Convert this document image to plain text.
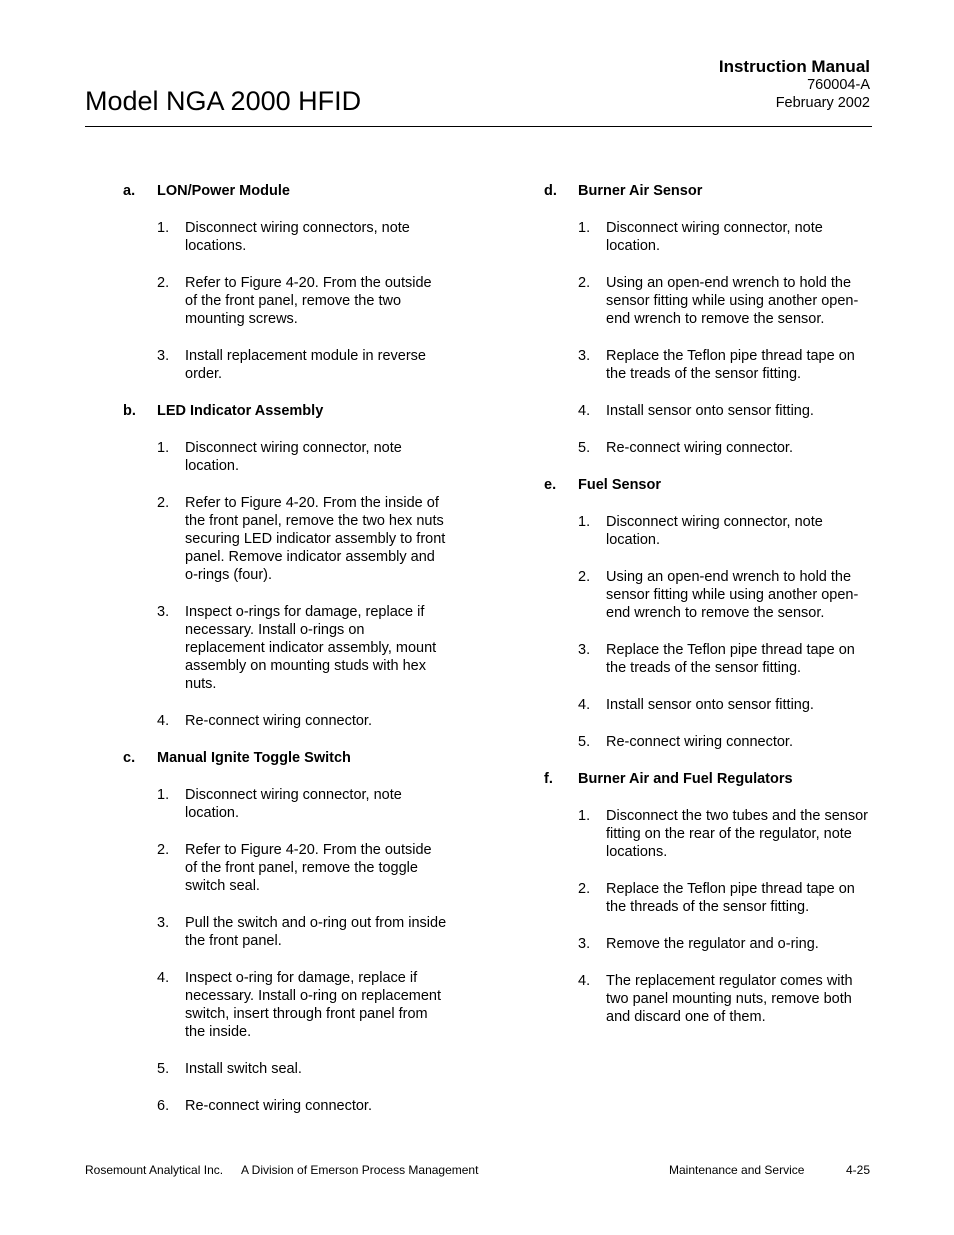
Model NGA 2000 HFID
Instruction Manual
760004-A
February 2002
a.	LON/Power Module
1.	Disconnect wiring connectors, note locations.
2.	Refer to Figure 4-20. From the outside of the front panel, remove the two mounting screws.
3.	Install replacement module in reverse order.
b.	LED Indicator Assembly
1.	Disconnect wiring connector, note location.
2.	Refer to Figure 4-20. From the inside of the front panel, remove the two hex nuts securing LED indicator assembly to front panel. Remove indicator assembly and o-rings (four).
3.	Inspect o-rings for damage, replace if necessary. Install o-rings on replacement indicator assembly, mount assembly on mounting studs with hex nuts.
4.	Re-connect wiring connector.
c.	Manual Ignite Toggle Switch
1.	Disconnect wiring connector, note location.
2.	Refer to Figure 4-20. From the outside of the front panel, remove the toggle switch seal.
3.	Pull the switch and o-ring out from inside the front panel.
4.	Inspect o-ring for damage, replace if necessary. Install o-ring on replacement switch, insert through front panel from the inside.
5.	Install switch seal.
6.	Re-connect wiring connector.
d.	Burner Air Sensor
1.	Disconnect wiring connector, note location.
2.	Using an open-end wrench to hold the sensor fitting while using another open-end wrench to remove the sensor.
3.	Replace the Teflon pipe thread tape on the treads of the sensor fitting.
4.	Install sensor onto sensor fitting.
5.	Re-connect wiring connector.
e.	Fuel Sensor
1.	Disconnect wiring connector, note location.
2.	Using an open-end wrench to hold the sensor fitting while using another open-end wrench to remove the sensor.
3.	Replace the Teflon pipe thread tape on the treads of the sensor fitting.
4.	Install sensor onto sensor fitting.
5.	Re-connect wiring connector.
f.	Burner Air and Fuel Regulators
1.	Disconnect the two tubes and the sensor fitting on the rear of the regulator, note locations.
2.	Replace the Teflon pipe thread tape on the threads of the sensor fitting.
3.	Remove the regulator and o-ring.
4.	The replacement regulator comes with two panel mounting nuts, remove both and discard one of them.
Rosemount Analytical Inc. A Division of Emerson Process Management	Maintenance and Service	4-25
